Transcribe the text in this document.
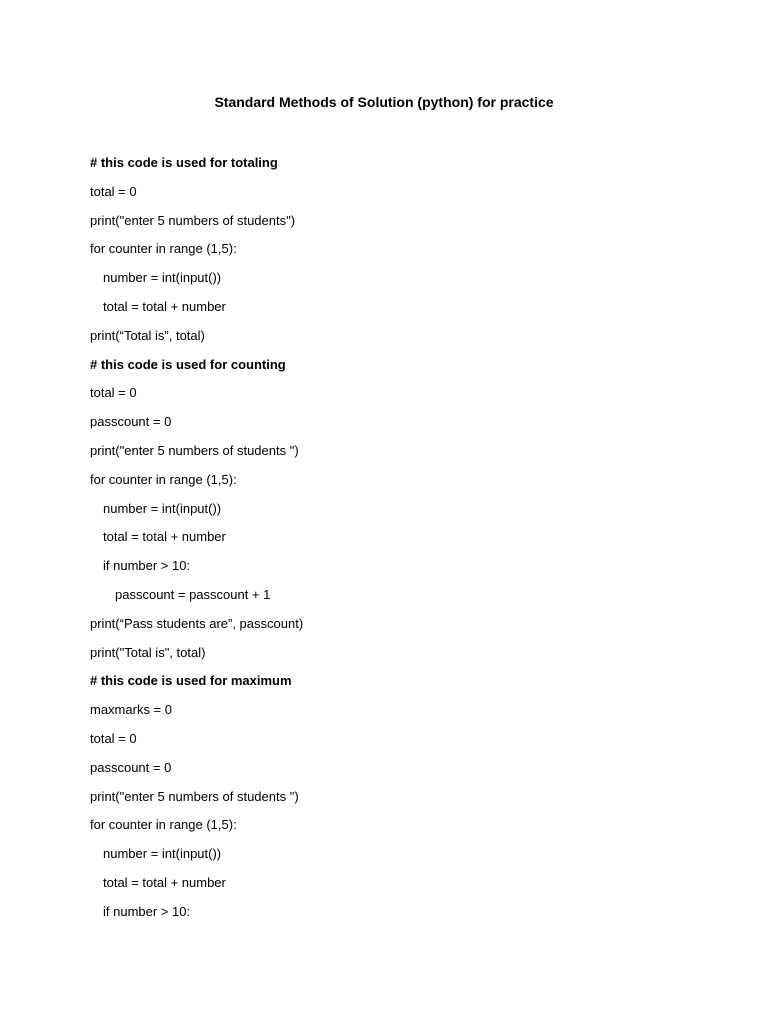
Standard Methods of Solution (python) for practice
# this code is used for totaling
total = 0
print("enter 5 numbers of students")
for counter in range (1,5):
number = int(input())
total = total + number
print(“Total is”, total)
# this code is used for counting
total = 0
passcount = 0
print("enter 5 numbers of students ")
for counter in range (1,5):
number = int(input())
total = total + number
if number > 10:
passcount = passcount + 1
print(“Pass students are”, passcount)
print("Total is", total)
# this code is used for maximum
maxmarks = 0
total = 0
passcount = 0
print("enter 5 numbers of students ")
for counter in range (1,5):
number = int(input())
total = total + number
if number > 10:
